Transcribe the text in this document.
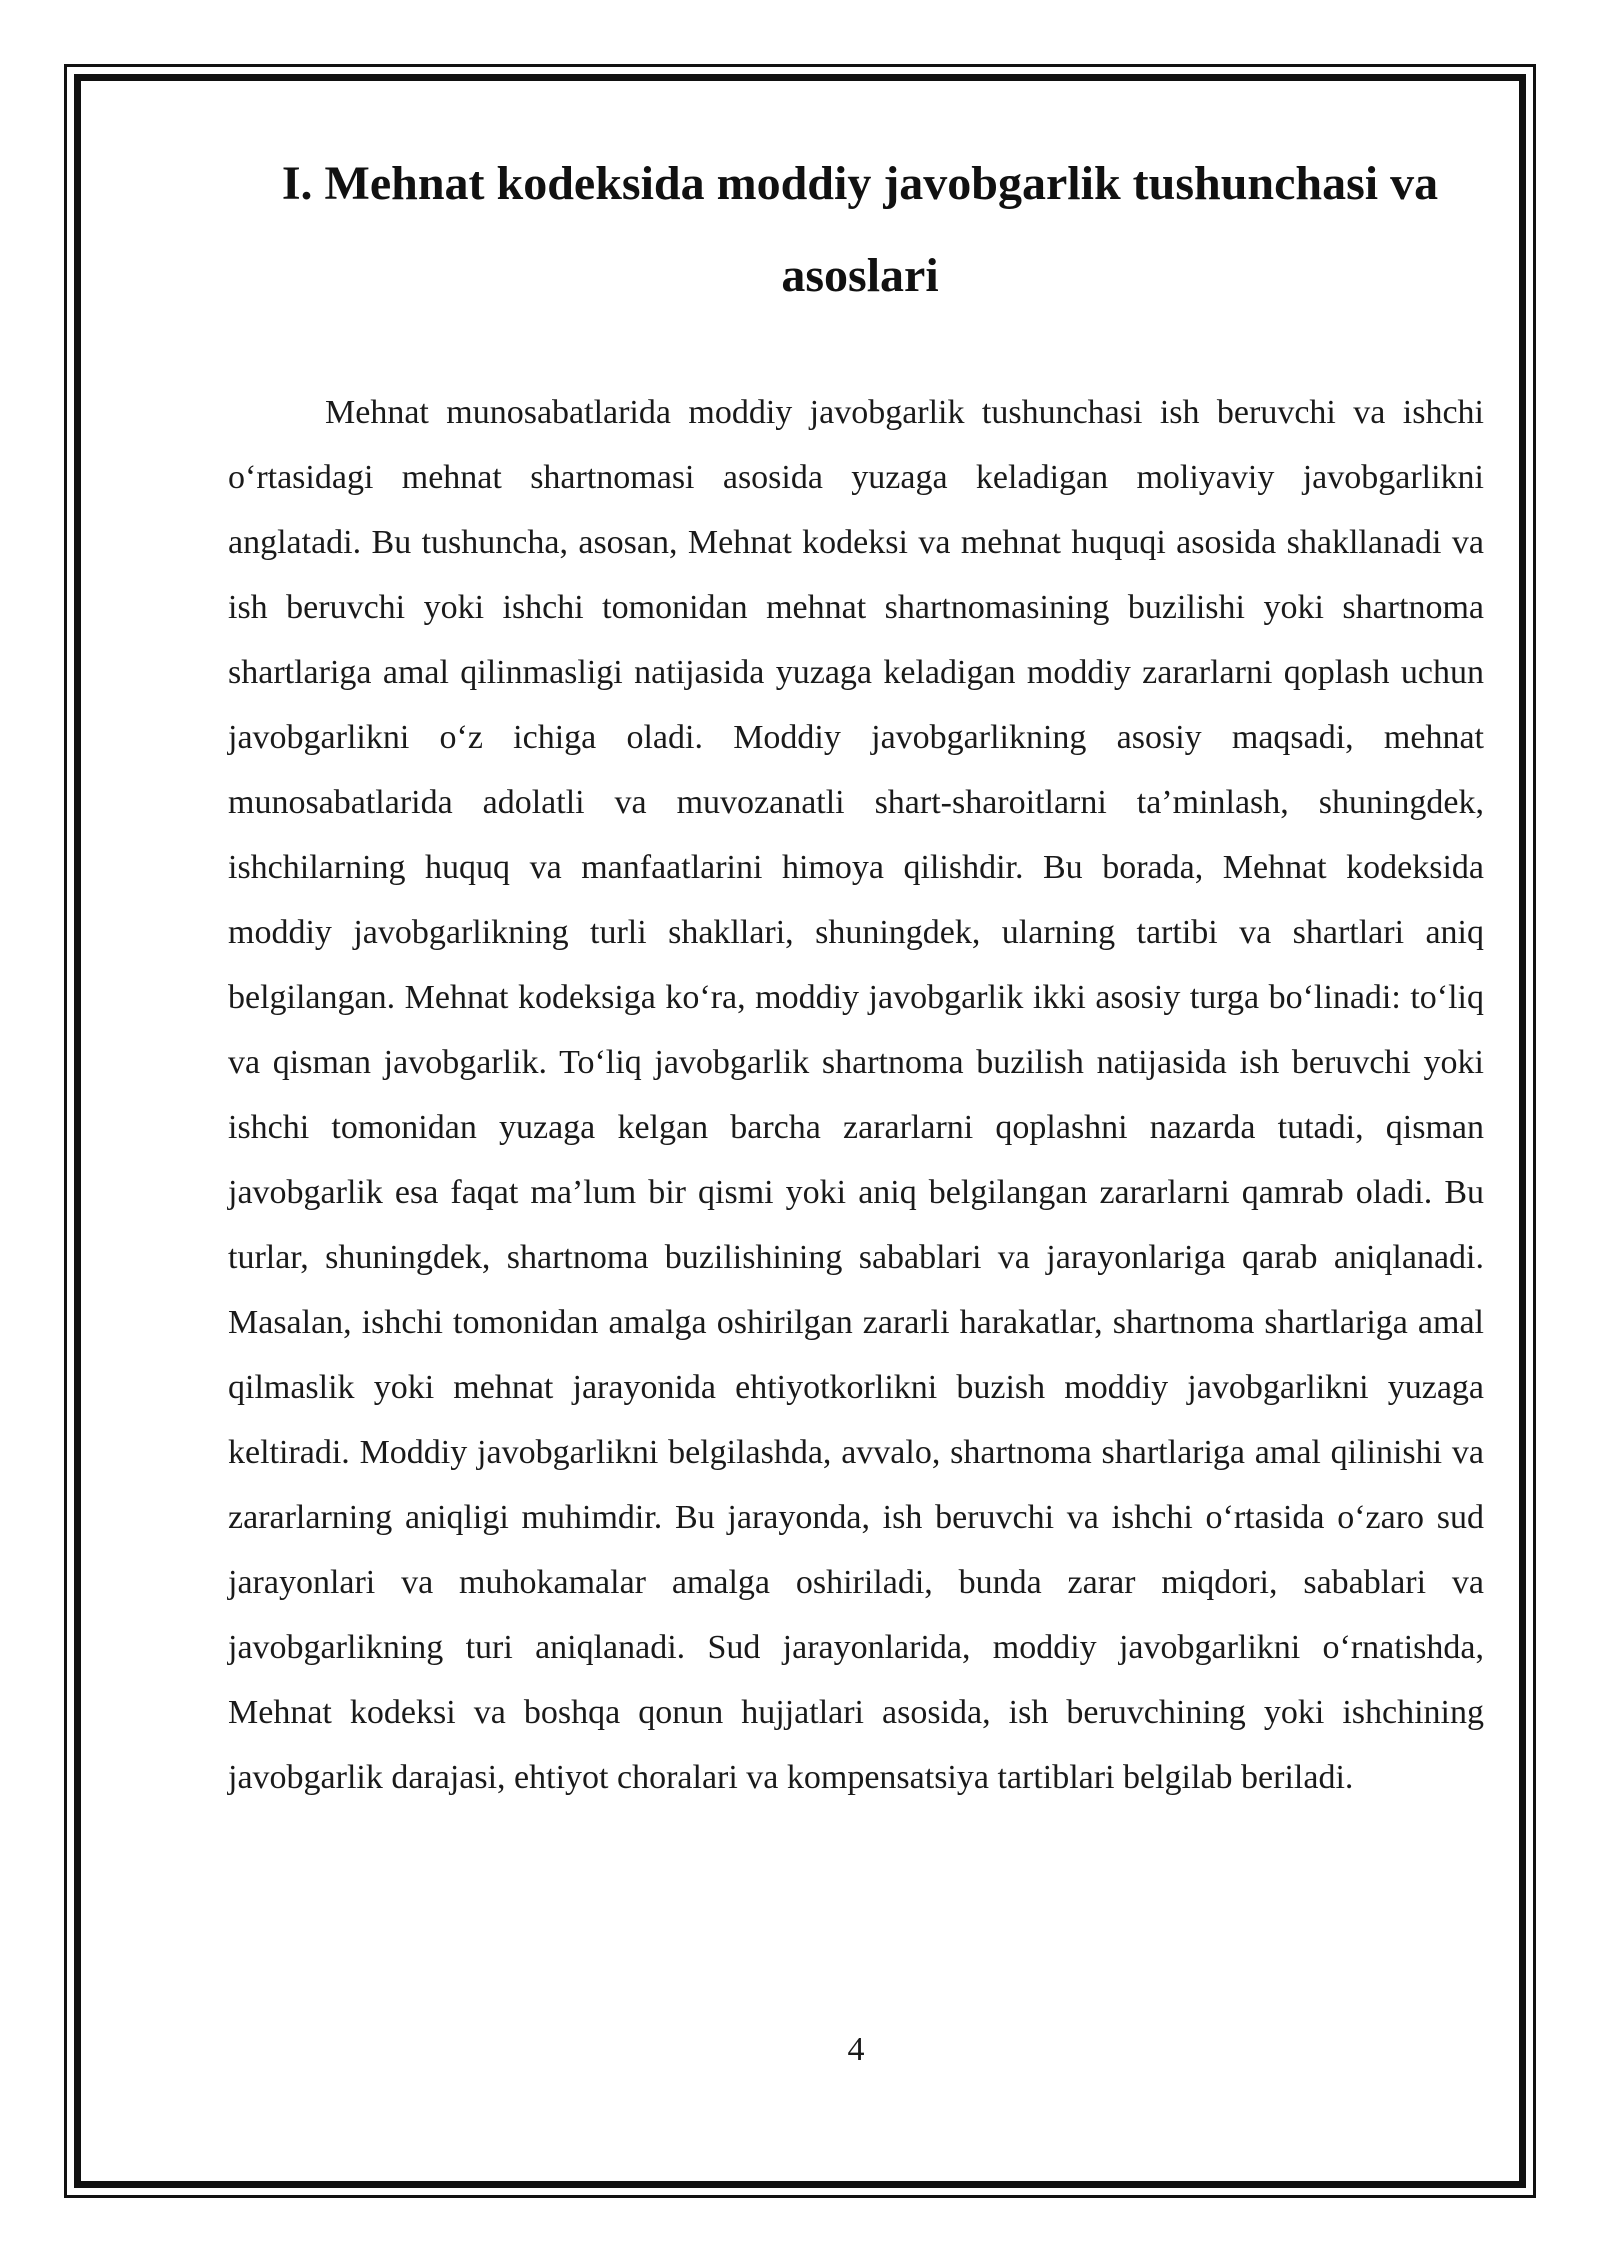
I. Mehnat kodeksida moddiy javobgarlik tushunchasi va asoslari

Mehnat munosabatlarida moddiy javobgarlik tushunchasi ish beruvchi va ishchi o‘rtasidagi mehnat shartnomasi asosida yuzaga keladigan moliyaviy javobgarlikni anglatadi. Bu tushuncha, asosan, Mehnat kodeksi va mehnat huquqi asosida shakllanadi va ish beruvchi yoki ishchi tomonidan mehnat shartnomasining buzilishi yoki shartnoma shartlariga amal qilinmasligi natijasida yuzaga keladigan moddiy zararlarni qoplash uchun javobgarlikni o‘z ichiga oladi. Moddiy javobgarlikning asosiy maqsadi, mehnat munosabatlarida adolatli va muvozanatli shart-sharoitlarni ta’minlash, shuningdek, ishchilarning huquq va manfaatlarini himoya qilishdir. Bu borada, Mehnat kodeksida moddiy javobgarlikning turli shakllari, shuningdek, ularning tartibi va shartlari aniq belgilangan. Mehnat kodeksiga ko‘ra, moddiy javobgarlik ikki asosiy turga bo‘linadi: to‘liq va qisman javobgarlik. To‘liq javobgarlik shartnoma buzilish natijasida ish beruvchi yoki ishchi tomonidan yuzaga kelgan barcha zararlarni qoplashni nazarda tutadi, qisman javobgarlik esa faqat ma’lum bir qismi yoki aniq belgilangan zararlarni qamrab oladi. Bu turlar, shuningdek, shartnoma buzilishining sabablari va jarayonlariga qarab aniqlanadi. Masalan, ishchi tomonidan amalga oshirilgan zararli harakatlar, shartnoma shartlariga amal qilmaslik yoki mehnat jarayonida ehtiyotkorlikni buzish moddiy javobgarlikni yuzaga keltiradi. Moddiy javobgarlikni belgilashda, avvalo, shartnoma shartlariga amal qilinishi va zararlarning aniqligi muhimdir. Bu jarayonda, ish beruvchi va ishchi o‘rtasida o‘zaro sud jarayonlari va muhokamalar amalga oshiriladi, bunda zarar miqdori, sabablari va javobgarlikning turi aniqlanadi. Sud jarayonlarida, moddiy javobgarlikni o‘rnatishda, Mehnat kodeksi va boshqa qonun hujjatlari asosida, ish beruvchining yoki ishchining javobgarlik darajasi, ehtiyot choralari va kompensatsiya tartiblari belgilab beriladi.

4
